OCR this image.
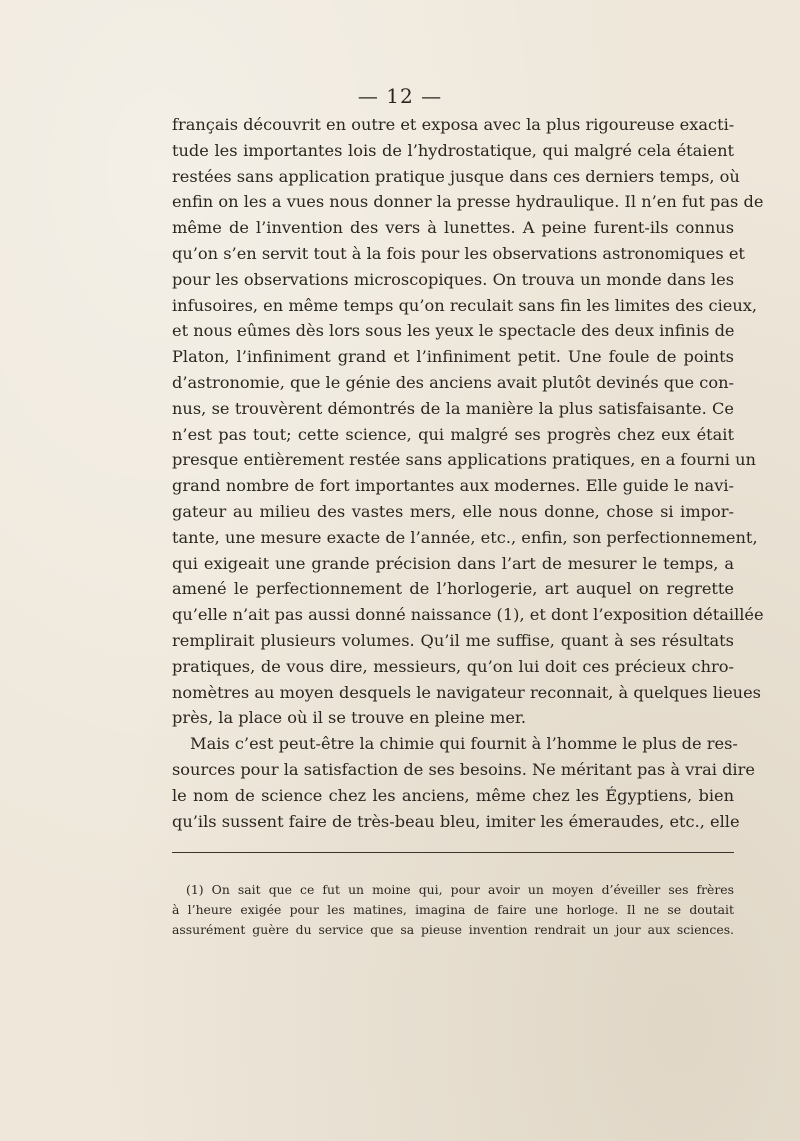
— 12 —
français découvrit en outre et exposa avec la plus rigoureuse exacti-
tude les importantes lois de l’hydrostatique, qui malgré cela étaient
restées sans application pratique jusque dans ces derniers temps, où
enfin on les a vues nous donner la presse hydraulique. Il n’en fut pas de
même de l’invention des vers à lunettes. A peine furent-ils connus
qu’on s’en servit tout à la fois pour les observations astronomiques et
pour les observations microscopiques. On trouva un monde dans les
infusoires, en même temps qu’on reculait sans fin les limites des cieux,
et nous eûmes dès lors sous les yeux le spectacle des deux infinis de
Platon, l’infiniment grand et l’infiniment petit. Une foule de points
d’astronomie, que le génie des anciens avait plutôt devinés que con-
nus, se trouvèrent démontrés de la manière la plus satisfaisante. Ce
n’est pas tout; cette science, qui malgré ses progrès chez eux était
presque entièrement restée sans applications pratiques, en a fourni un
grand nombre de fort importantes aux modernes. Elle guide le navi-
gateur au milieu des vastes mers, elle nous donne, chose si impor-
tante, une mesure exacte de l’année, etc., enfin, son perfectionnement,
qui exigeait une grande précision dans l’art de mesurer le temps, a
amené le perfectionnement de l’horlogerie, art auquel on regrette
qu’elle n’ait pas aussi donné naissance (1), et dont l’exposition détaillée
remplirait plusieurs volumes. Qu’il me suffise, quant à ses résultats
pratiques, de vous dire, messieurs, qu’on lui doit ces précieux chro-
nomètres au moyen desquels le navigateur reconnait, à quelques lieues
près, la place où il se trouve en pleine mer.
Mais c’est peut-être la chimie qui fournit à l’homme le plus de res-
sources pour la satisfaction de ses besoins. Ne méritant pas à vrai dire
le nom de science chez les anciens, même chez les Égyptiens, bien
qu’ils sussent faire de très-beau bleu, imiter les émeraudes, etc., elle
(1) On sait que ce fut un moine qui, pour avoir un moyen d’éveiller ses frères
à l’heure exigée pour les matines, imagina de faire une horloge. Il ne se doutait
assurément guère du service que sa pieuse invention rendrait un jour aux sciences.
